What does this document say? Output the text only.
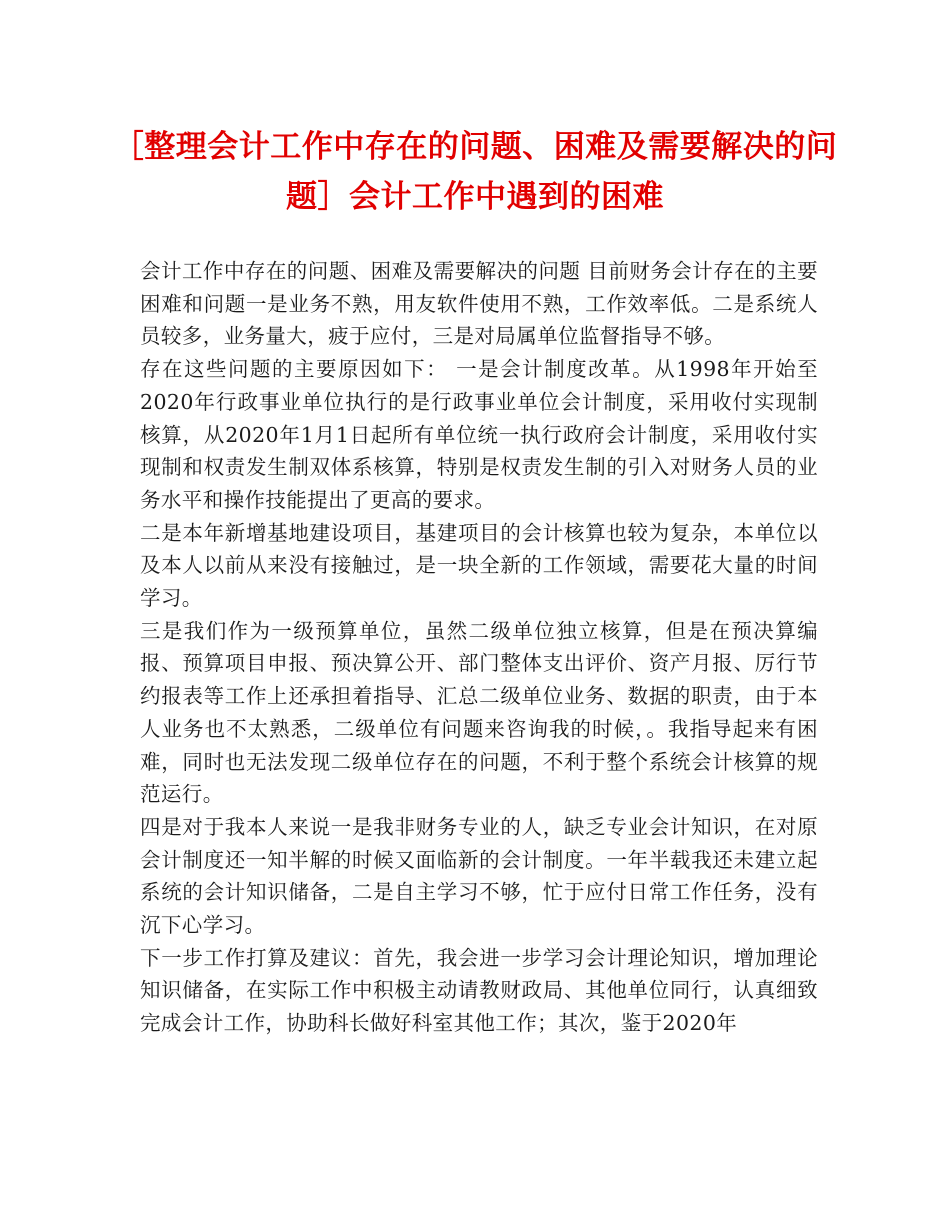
［整理会计工作中存在的问题、困难及需要解决的问
题］会计工作中遇到的困难

会计工作中存在的问题、困难及需要解决的问题 目前财务会计存在的主要困难和问题一是业务不熟，用友软件使用不熟，工作效率低。二是系统人员较多，业务量大，疲于应付，三是对局属单位监督指导不够。

存在这些问题的主要原因如下： 一是会计制度改革。从1998年开始至2020年行政事业单位执行的是行政事业单位会计制度，采用收付实现制核算，从2020年1月1日起所有单位统一执行政府会计制度，采用收付实现制和权责发生制双体系核算，特别是权责发生制的引入对财务人员的业务水平和操作技能提出了更高的要求。

二是本年新增基地建设项目，基建项目的会计核算也较为复杂，本单位以及本人以前从来没有接触过，是一块全新的工作领域，需要花大量的时间学习。

三是我们作为一级预算单位，虽然二级单位独立核算，但是在预决算编报、预算项目申报、预决算公开、部门整体支出评价、资产月报、厉行节约报表等工作上还承担着指导、汇总二级单位业务、数据的职责，由于本人业务也不太熟悉，二级单位有问题来咨询我的时候，。我指导起来有困难，同时也无法发现二级单位存在的问题，不利于整个系统会计核算的规范运行。

四是对于我本人来说一是我非财务专业的人，缺乏专业会计知识，在对原会计制度还一知半解的时候又面临新的会计制度。一年半载我还未建立起系统的会计知识储备，二是自主学习不够，忙于应付日常工作任务，没有沉下心学习。

下一步工作打算及建议：首先，我会进一步学习会计理论知识，增加理论知识储备，在实际工作中积极主动请教财政局、其他单位同行，认真细致完成会计工作，协助科长做好科室其他工作；其次，鉴于2020年
